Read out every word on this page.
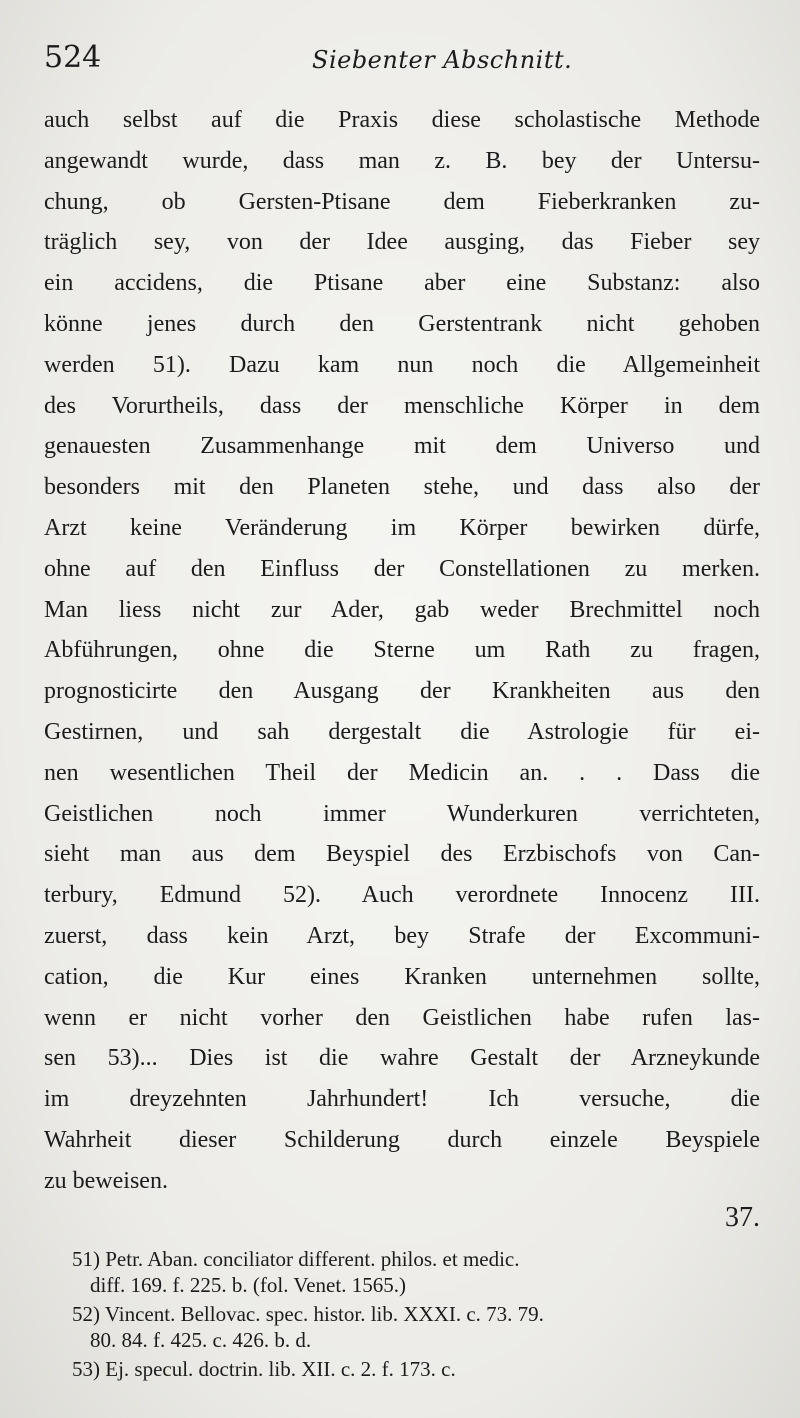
524	Siebenter Abschnitt.
auch selbst auf die Praxis diese scholastische Methode
angewandt wurde, dass man z. B. bey der Untersu-
chung, ob Gersten-Ptisane dem Fieberkranken zu-
träglich sey, von der Idee ausging, das Fieber sey
ein accidens, die Ptisane aber eine Substanz: also
könne jenes durch den Gerstentrank nicht gehoben
werden 51). Dazu kam nun noch die Allgemeinheit
des Vorurtheils, dass der menschliche Körper in dem
genauesten Zusammenhange mit dem Universo und
besonders mit den Planeten stehe, und dass also der
Arzt keine Veränderung im Körper bewirken dürfe,
ohne auf den Einfluss der Constellationen zu merken.
Man liess nicht zur Ader, gab weder Brechmittel noch
Abführungen, ohne die Sterne um Rath zu fragen,
prognosticirte den Ausgang der Krankheiten aus den
Gestirnen, und sah dergestalt die Astrologie für ei-
nen wesentlichen Theil der Medicin an. . . Dass die
Geistlichen noch immer Wunderkuren verrichteten,
sieht man aus dem Beyspiel des Erzbischofs von Can-
terbury, Edmund 52). Auch verordnete Innocenz III.
zuerst, dass kein Arzt, bey Strafe der Excommuni-
cation, die Kur eines Kranken unternehmen sollte,
wenn er nicht vorher den Geistlichen habe rufen las-
sen 53)... Dies ist die wahre Gestalt der Arzneykunde
im dreyzehnten Jahrhundert! Ich versuche, die
Wahrheit dieser Schilderung durch einzele Beyspiele
zu beweisen.
37.
51) Petr. Aban. conciliator different. philos. et medic.
diff. 169. f. 225. b. (fol. Venet. 1565.)
52) Vincent. Bellovac. spec. histor. lib. XXXI. c. 73. 79.
80. 84. f. 425. c. 426. b. d.
53) Ej. specul. doctrin. lib. XII. c. 2. f. 173. c.
